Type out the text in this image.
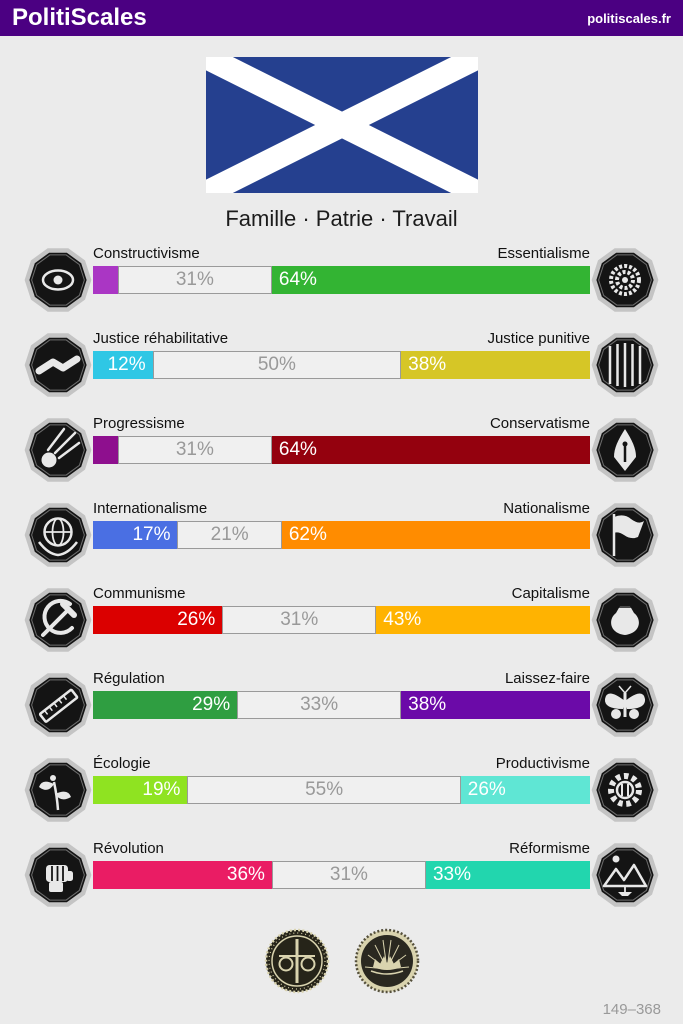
PolitiScales	politiscales.fr
Famille · Patrie · Travail
Constructivisme	Essentialisme
31%	64%
Justice réhabilitative	Justice punitive
12%	50%	38%
Progressisme	Conservatisme
31%	64%
Internationalisme	Nationalisme
17% 21% 62%
Communisme	Capitalisme
26%	31%	43%
Régulation	Laissez-faire
29%	33%	38%
Écologie	Productivisme
19%	55%	26%
Révolution	Réformisme
36%	31%	33%
149–368
